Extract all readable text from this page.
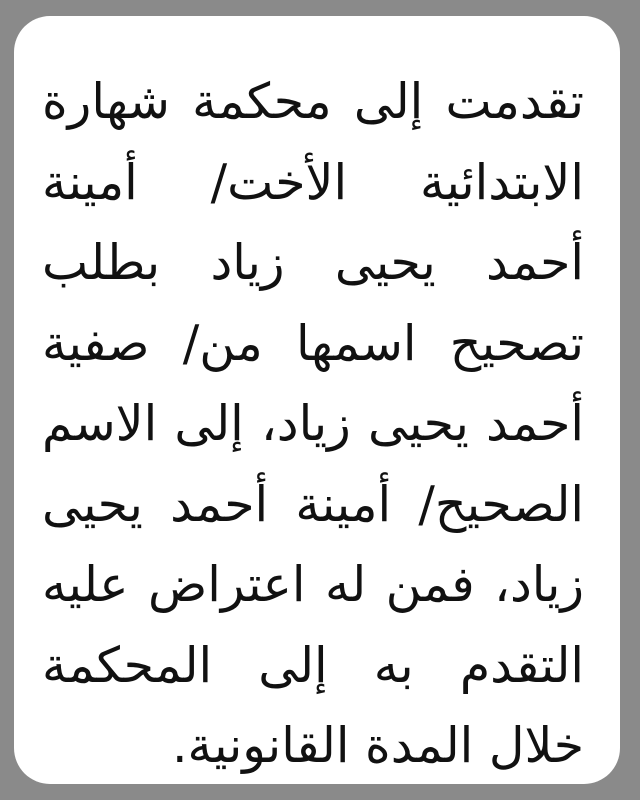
تقدمت إلى محكمة شهارة
الابتدائية الأخت/ أمينة
أحمد يحيى زياد بطلب
تصحيح اسمها من/ صفية
أحمد يحيى زياد، إلى الاسم
الصحيح/ أمينة أحمد يحيى
زياد، فمن له اعتراض عليه
التقدم به إلى المحكمة
خلال المدة القانونية.
